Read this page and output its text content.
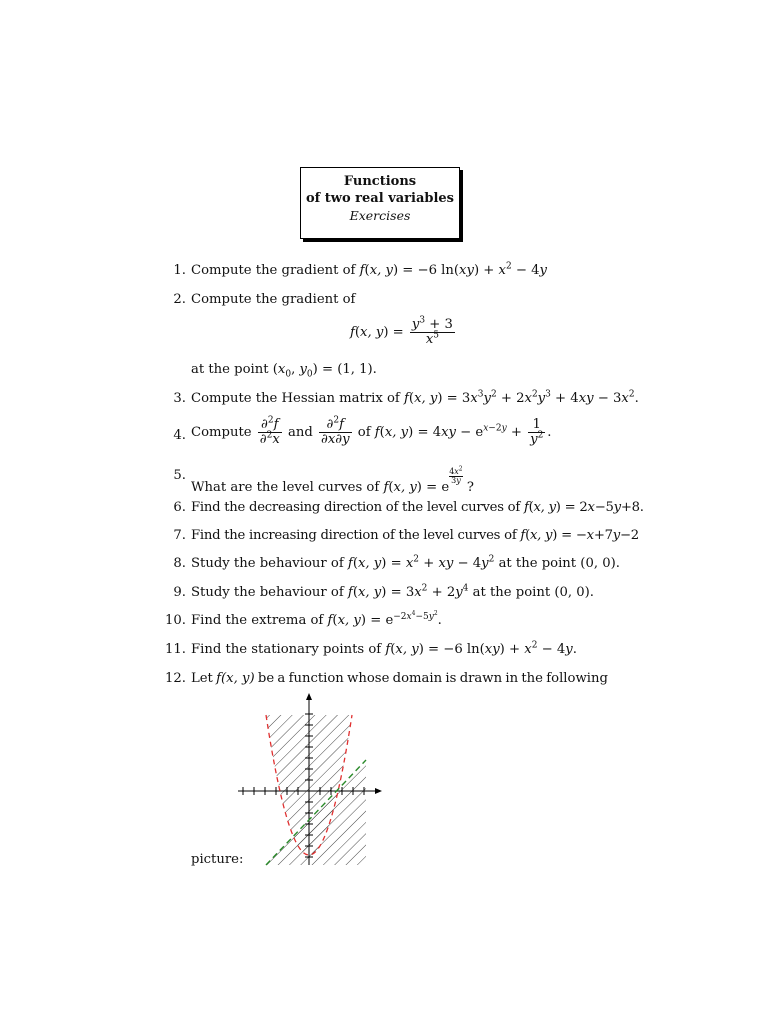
Functions
of two real variables
Exercises
1. Compute the gradient of f(x, y) = −6 $\ln(xy) + x^2 - 4y$
2. Compute the gradient of
f(x, $y) = \frac{y^3 + 3}{x^5}$
at the point ($x_0$, $y_0) = (1$, 1).
3. Compute the Hessian matrix of f(x, $y) = 3x^3y^2 + 2x^2y^3 + 4xy - 3x^2$.
4. Compute $\frac{\partial^2f}{\partial^2x}$ and $\frac{\partial^2f}{\partial x\partial y}$ of f(x, $y) = 4xy - e^{x-2y} + \frac{1}{y^2}$ .
5.
What are the level curves of f(x, y) = e
$\frac{4x^2}{3y}$
?
6. Find the decreasing direction of the level curves of f(x, y) = 2x−5y+8.
7. Find the increasing direction of the level curves of f(x, y) = −x+7y−2
8. Study the behaviour of f(x, $y) = x^2$ + xy − $4y^2$ at the point (0, 0).
9. Study the behaviour of f(x, $y) = 3x^2 + 2y^4$ at the point (0, 0).
10. Find the extrema of f(x, $y) = e^{-2x^4-5y^2}$.
11. Find the stationary points of f(x, y) = −6 $\ln(xy) + x^2 - 4y$.
12. Let f(x, y) be a function whose domain is drawn in the following
picture:
